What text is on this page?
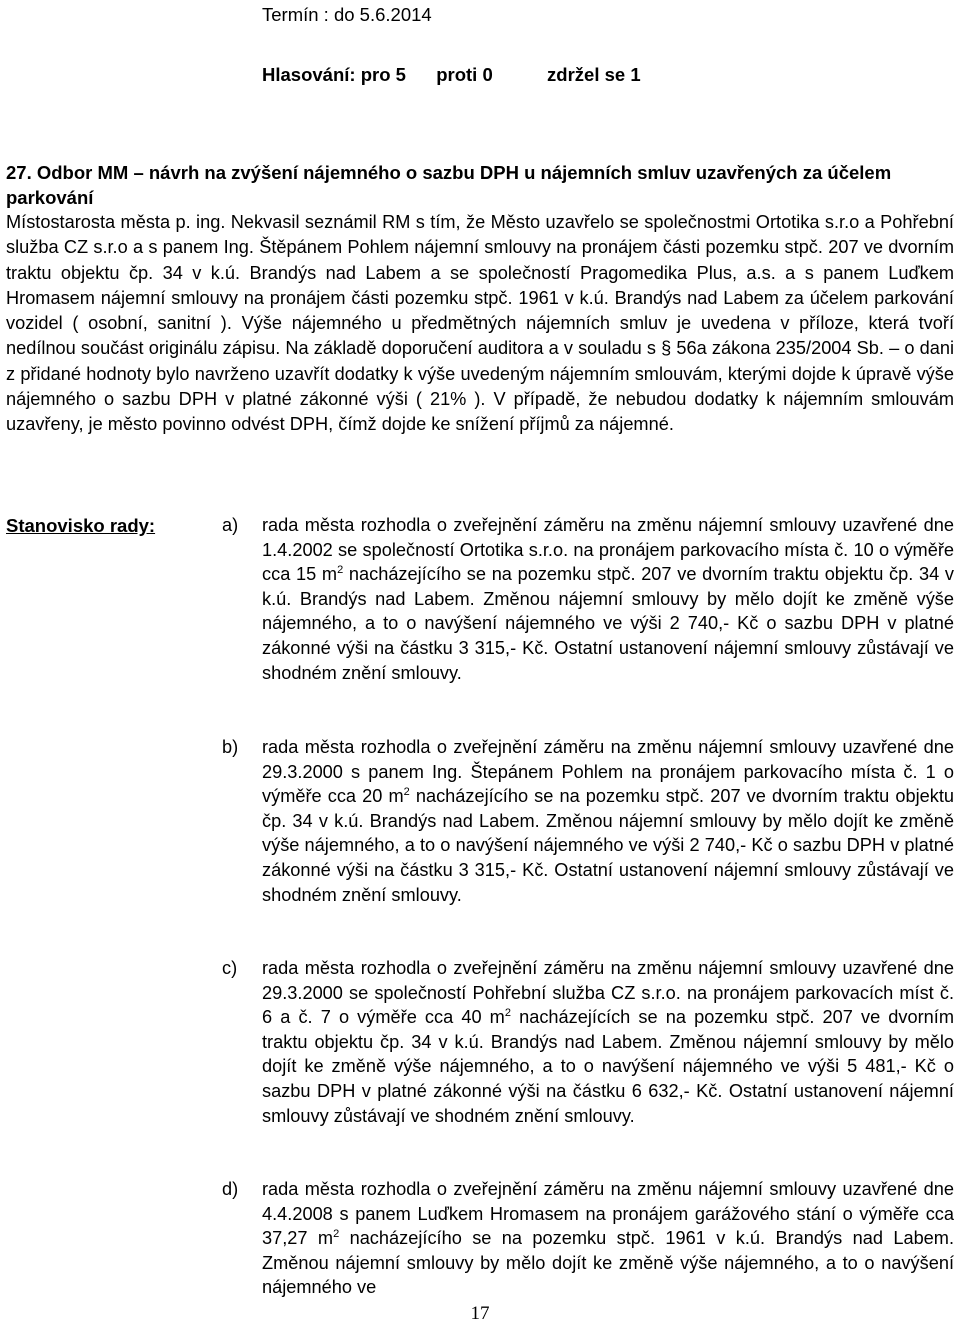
Termín : do 5.6.2014
Hlasování: pro 5 proti 0	zdržel se 1

27. Odbor MM – návrh na zvýšení nájemného o sazbu DPH u nájemních smluv uzavřených za účelem parkování

Místostarosta města p. ing. Nekvasil seznámil RM s tím, že Město uzavřelo se společnostmi Ortotika s.r.o a Pohřební služba CZ s.r.o a s panem Ing. Štěpánem Pohlem nájemní smlouvy na pronájem části pozemku stpč. 207 ve dvorním traktu objektu čp. 34 v k.ú. Brandýs nad Labem a se společností Pragomedika Plus, a.s. a s panem Luďkem Hromasem nájemní smlouvy na pronájem části pozemku stpč. 1961 v k.ú. Brandýs nad Labem za účelem parkování vozidel ( osobní, sanitní ). Výše nájemného u předmětných nájemních smluv je uvedena v příloze, která tvoří nedílnou součást originálu zápisu. Na základě doporučení auditora a v souladu s § 56a zákona 235/2004 Sb. – o dani z přidané hodnoty bylo navrženo uzavřít dodatky k výše uvedeným nájemním smlouvám, kterými dojde k úpravě výše nájemného o sazbu DPH v platné zákonné výši ( 21% ). V případě, že nebudou dodatky k nájemním smlouvám uzavřeny, je město povinno odvést DPH, čímž dojde ke snížení příjmů za nájemné.

Stanovisko rady:	a) rada města rozhodla o zveřejnění záměru na změnu nájemní smlouvy uzavřené dne 1.4.2002 se společností Ortotika s.r.o. na pronájem parkovacího místa č. 10 o výměře cca 15 $m^2$ nacházejícího se na pozemku stpč. 207 ve dvorním traktu objektu čp. 34 v k.ú. Brandýs nad Labem. Změnou nájemní smlouvy by mělo dojít ke změně výše nájemného, a to o navýšení nájemného ve výši 2 740,- Kč o sazbu DPH v platné zákonné výši na částku 3 315,- Kč. Ostatní ustanovení nájemní smlouvy zůstávají ve shodném znění smlouvy.
b) rada města rozhodla o zveřejnění záměru na změnu nájemní smlouvy uzavřené dne 29.3.2000 s panem Ing. Štepánem Pohlem na pronájem parkovacího místa č. 1 o výměře cca 20 $m^2$ nacházejícího se na pozemku stpč. 207 ve dvorním traktu objektu čp. 34 v k.ú. Brandýs nad Labem. Změnou nájemní smlouvy by mělo dojít ke změně výše nájemného, a to o navýšení nájemného ve výši 2 740,- Kč o sazbu DPH v platné zákonné výši na částku 3 315,- Kč. Ostatní ustanovení nájemní smlouvy zůstávají ve shodném znění smlouvy.
c) rada města rozhodla o zveřejnění záměru na změnu nájemní smlouvy uzavřené dne 29.3.2000 se společností Pohřební služba CZ s.r.o. na pronájem parkovacích míst č. 6 a č. 7 o výměře cca 40 $m^2$ nacházejících se na pozemku stpč. 207 ve dvorním traktu objektu čp. 34 v k.ú. Brandýs nad Labem. Změnou nájemní smlouvy by mělo dojít ke změně výše nájemného, a to o navýšení nájemného ve výši 5 481,- Kč o sazbu DPH v platné zákonné výši na částku 6 632,- Kč. Ostatní ustanovení nájemní smlouvy zůstávají ve shodném znění smlouvy.
d) rada města rozhodla o zveřejnění záměru na změnu nájemní smlouvy uzavřené dne 4.4.2008 s panem Luďkem Hromasem na pronájem garážového stání o výměře cca 37,27 $m^2$ nacházejícího se na pozemku stpč. 1961 v k.ú. Brandýs nad Labem. Změnou nájemní smlouvy by mělo dojít ke změně výše nájemného, a to o navýšení nájemného ve
17
